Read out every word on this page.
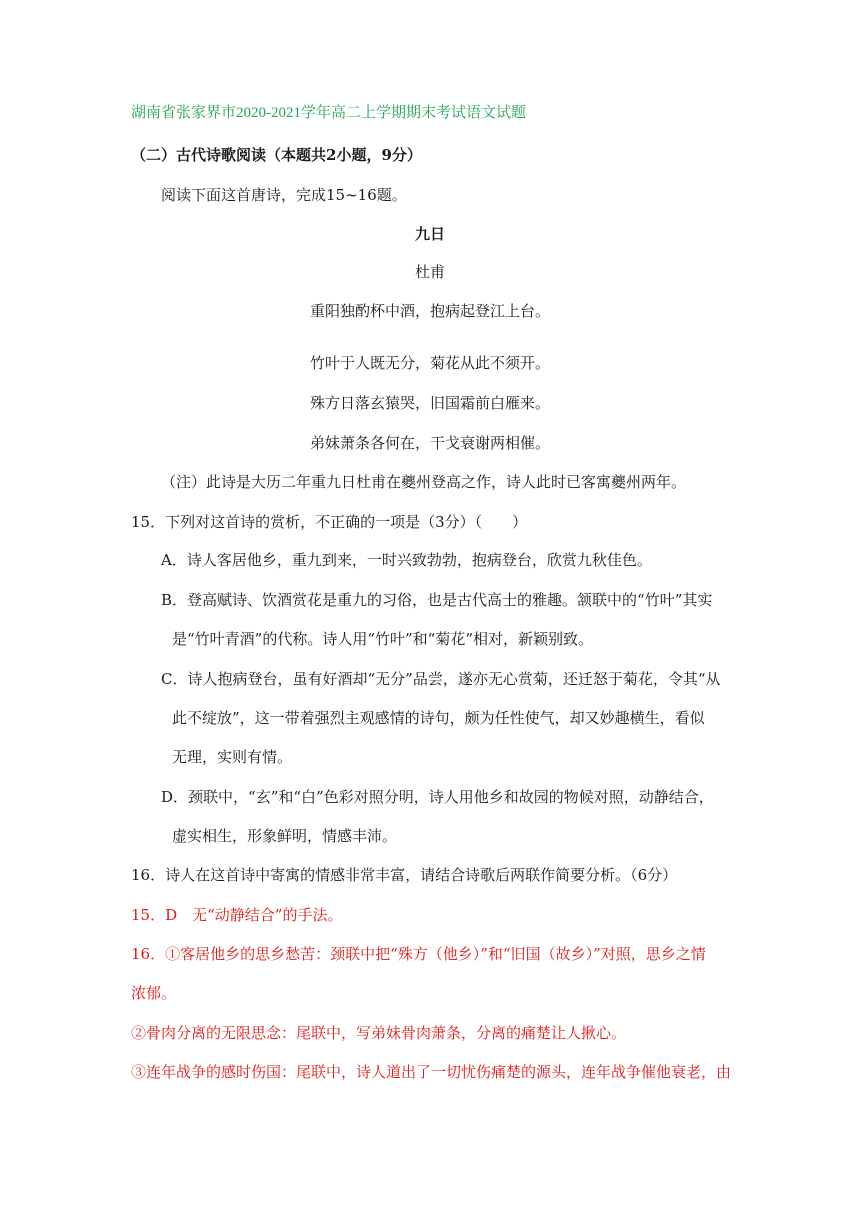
湖南省张家界市2020-2021学年高二上学期期末考试语文试题
（二）古代诗歌阅读（本题共2小题，9分）
阅读下面这首唐诗，完成15~16题。
九日
杜甫
重阳独酌杯中酒，抱病起登江上台。
竹叶于人既无分，菊花从此不须开。
殊方日落玄猿哭，旧国霜前白雁来。
弟妹萧条各何在，干戈衰谢两相催。
（注）此诗是大历二年重九日杜甫在夔州登高之作，诗人此时已客寓夔州两年。
15．下列对这首诗的赏析，不正确的一项是（3分）（　　）
A．诗人客居他乡，重九到来，一时兴致勃勃，抱病登台，欣赏九秋佳色。
B．登高赋诗、饮酒赏花是重九的习俗，也是古代高士的雅趣。颔联中的“竹叶”其实
是“竹叶青酒”的代称。诗人用“竹叶”和“菊花”相对，新颖别致。
C．诗人抱病登台，虽有好酒却“无分”品尝，遂亦无心赏菊，还迁怒于菊花，令其“从
此不绽放”，这一带着强烈主观感情的诗句，颇为任性使气，却又妙趣横生，看似
无理，实则有情。
D．颈联中，“玄”和“白”色彩对照分明，诗人用他乡和故园的物候对照，动静结合，
虚实相生，形象鲜明，情感丰沛。
16．诗人在这首诗中寄寓的情感非常丰富，请结合诗歌后两联作简要分析。（6分）
15．D　无“动静结合”的手法。
16．①客居他乡的思乡愁苦：颈联中把“殊方（他乡）”和“旧国（故乡）”对照，思乡之情
浓郁。
②骨肉分离的无限思念：尾联中，写弟妹骨肉萧条，分离的痛楚让人揪心。
③连年战争的感时伤国：尾联中，诗人道出了一切忧伤痛楚的源头，连年战争催他衰老，由
